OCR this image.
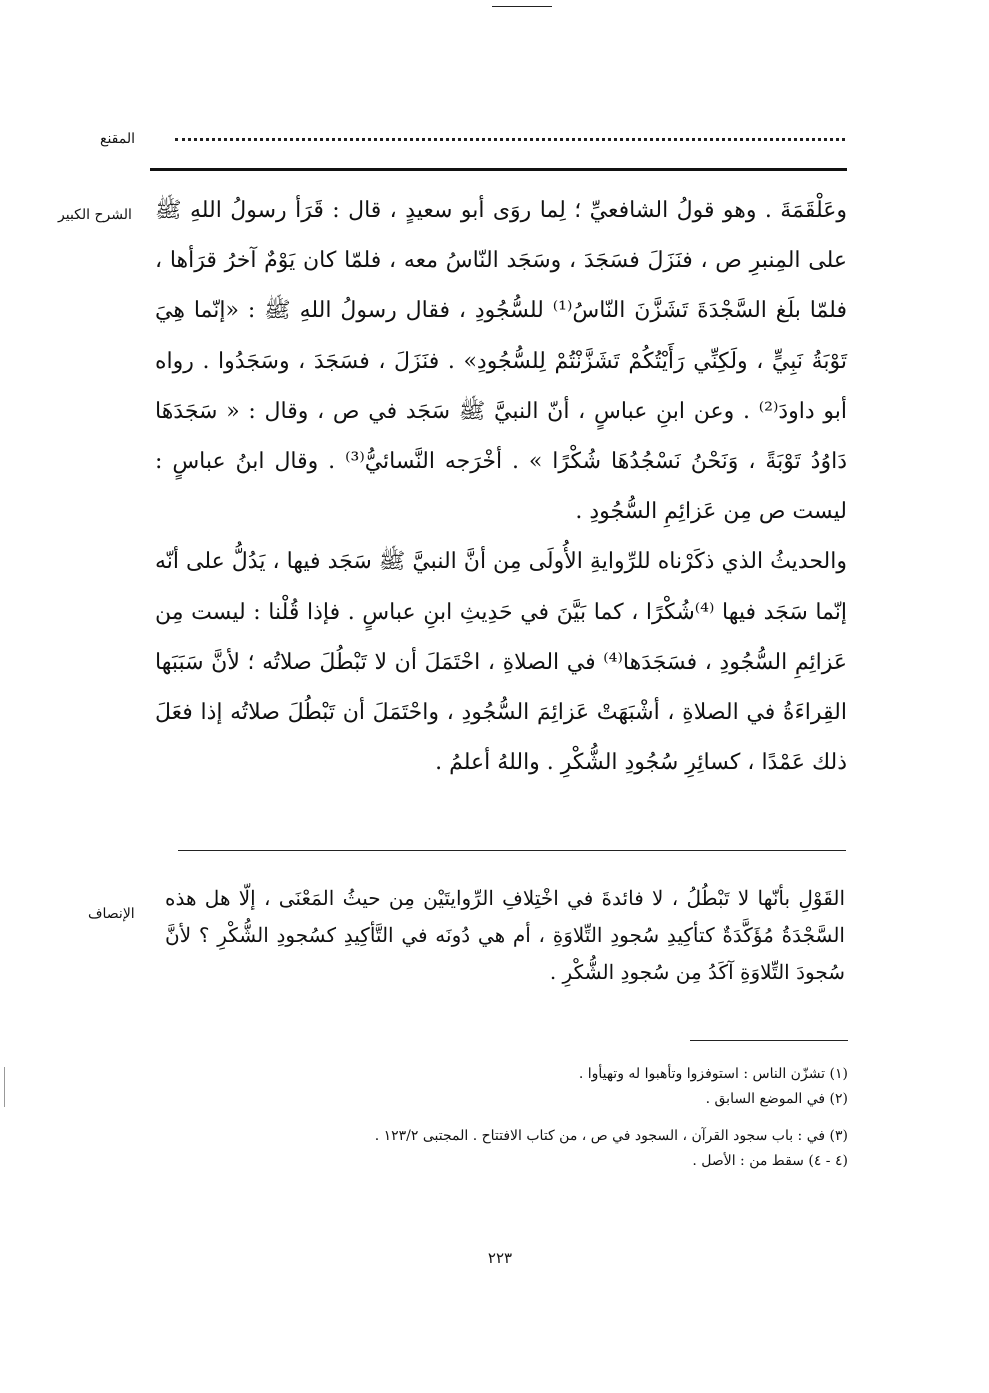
المقنع
الشرح الكبير وعَلْقَمَةَ . وهو قولُ الشافعيِّ ؛ لِما روَى أبو سعيدٍ ، قال : قَرَأ رسولُ اللهِ ﷺ على المِنبرِ ص ، فنَزَلَ فسَجَدَ ، وسَجَد النّاسُ معه ، فلمّا كان يَوْمٌ آخرُ قرَأها ، فلمّا بلَغ السَّجْدَةَ تَشَزَّنَ النّاسُ⁽¹⁾ للسُّجُودِ ، فقال رسولُ اللهِ ﷺ : «إنّما هِيَ تَوْبَةُ نَبِيٍّ ، ولَكِنِّي رَأَيْتُكُمْ تَشَزَّنْتُمْ لِلسُّجُودِ» . فنَزَلَ ، فسَجَدَ ، وسَجَدُوا . رواه أبو داودَ⁽²⁾ . وعن ابنِ عباسٍ ، أنّ النبيَّ ﷺ سَجَد في ص ، وقال : « سَجَدَهَا دَاوُدُ تَوْبَةً ، وَنَحْنُ نَسْجُدُهَا شُكْرًا » . أخْرَجه النَّسائيُّ⁽³⁾ . وقال ابنُ عباسٍ : ليست ص مِن عَزائِمِ السُّجُودِ .

والحديثُ الذي ذكَرْناه للرِّوايةِ الأُولَى مِن أنَّ النبيَّ ﷺ سَجَد فيها ، يَدُلُّ على أنّه إنّما سَجَد فيها ⁽⁴⁾شُكْرًا ، كما بَيَّنَ في حَدِيثِ ابنِ عباسٍ . فإذا قُلْنا : ليست مِن عَزائِمِ السُّجُودِ ، فسَجَدَها⁽⁴⁾ في الصلاةِ ، احْتَمَلَ أن لا تَبْطُلَ صلاتُه ؛ لأنَّ سَبَبَها القِراءَةُ في الصلاةِ ، أشْبَهَتْ عَزائِمَ السُّجُودِ ، واحْتَمَلَ أن تَبْطُلَ صلاتُه إذا فعَلَ ذلك عَمْدًا ، كسائِرِ سُجُودِ الشُّكْرِ . واللهُ أعلمُ .

الإنصاف

القَوْلِ بأنّها لا تَبْطُلُ ، لا فائدةَ في اخْتِلافِ الرِّوايتَيْن مِن حيثُ المَعْنَى ، إلّا هل هذه السَّجْدَةُ مُؤَكَّدَةٌ كتأكِيدِ سُجودِ التِّلاوَةِ ، أم هي دُونَه في التَّأكِيدِ كسُجودِ الشُّكْرِ ؟ لأنَّ سُجودَ التِّلاوَةِ آكَدُ مِن سُجودِ الشُّكْرِ .

(١) تشزّن الناس : استوفزوا وتأهبوا له وتهيأوا .

(٢) في الموضع السابق .

(٣) في : باب سجود القرآن ، السجود في ص ، من كتاب الافتتاح . المجتبى ١٢٣/٢ .

(٤ - ٤) سقط من : الأصل .

٢٢٣
